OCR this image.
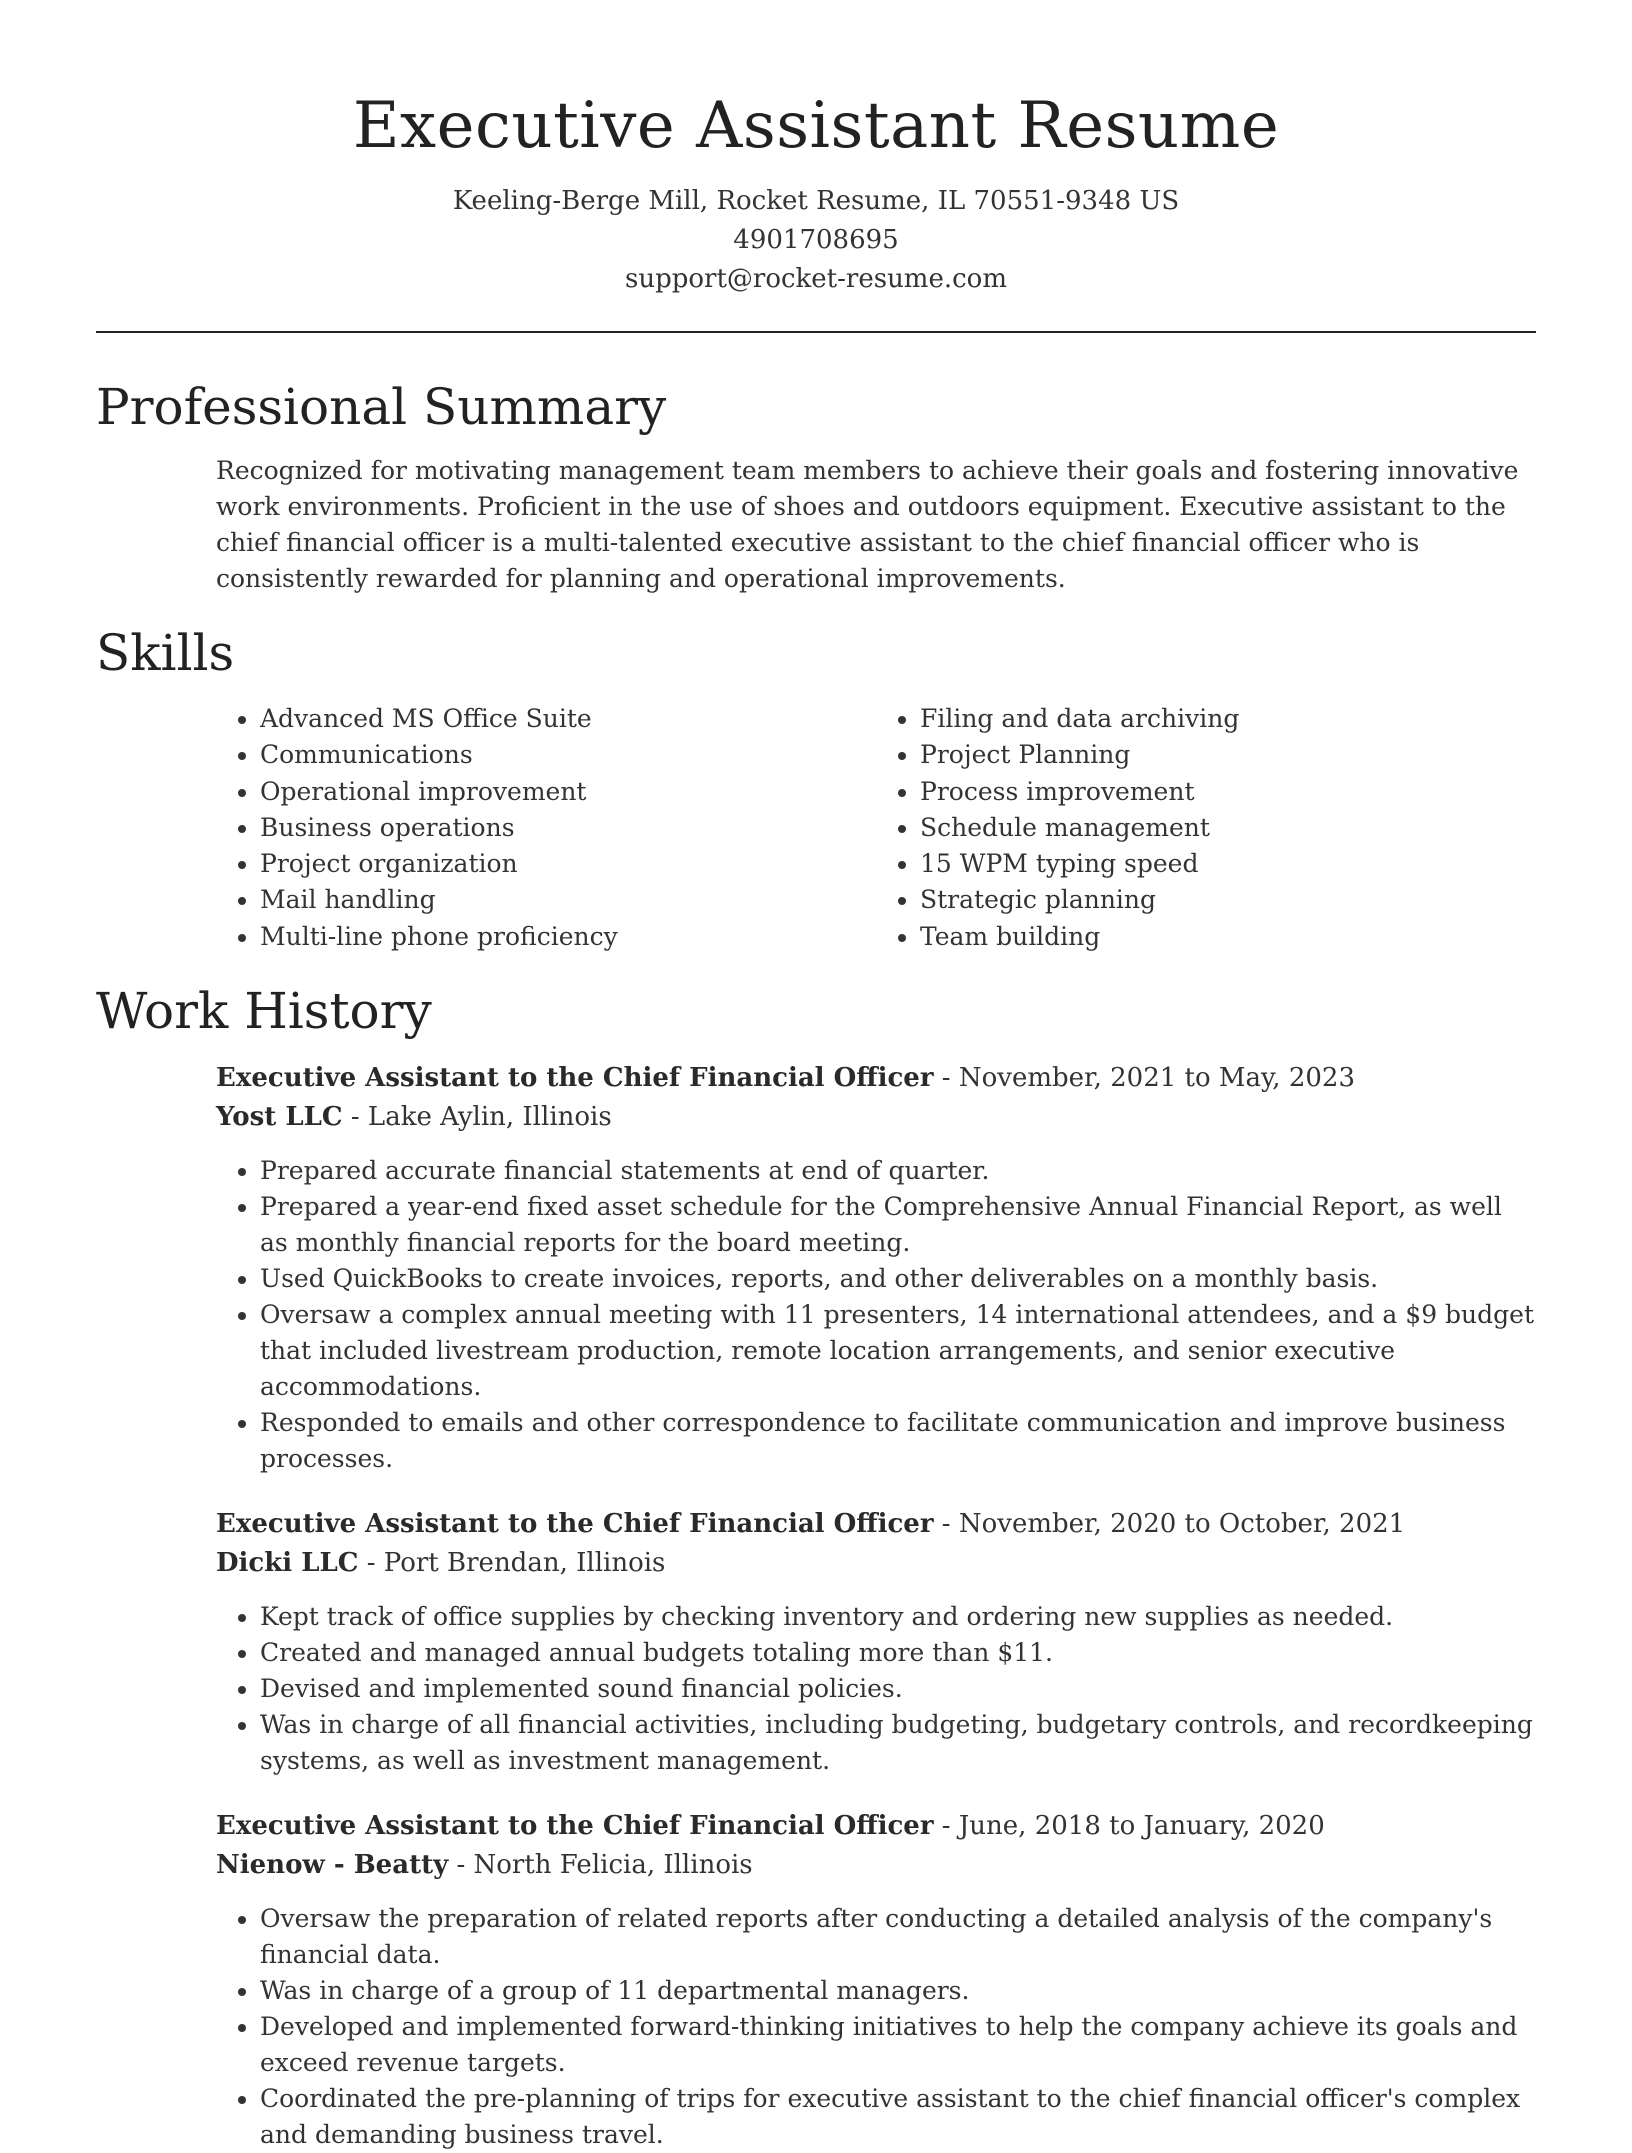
Executive Assistant Resume
Keeling-Berge Mill, Rocket Resume, IL 70551-9348 US
4901708695
support@rocket-resume.com
Professional Summary

Recognized for motivating management team members to achieve their goals and fostering innovative work environments. Proficient in the use of shoes and outdoors equipment. Executive assistant to the chief financial officer is a multi-talented executive assistant to the chief financial officer who is consistently rewarded for planning and operational improvements.

Skills
• Advanced MS Office Suite
• Communications
• Operational improvement
• Business operations
• Project organization
• Mail handling
• Multi-line phone proficiency
• Filing and data archiving
• Project Planning
• Process improvement
• Schedule management
• 15 WPM typing speed
• Strategic planning
• Team building
Work History
Executive Assistant to the Chief Financial Officer - November, 2021 to May, 2023
Yost LLC - Lake Aylin, Illinois
• Prepared accurate financial statements at end of quarter.
• Prepared a year-end fixed asset schedule for the Comprehensive Annual Financial Report, as well as monthly financial reports for the board meeting.
• Used QuickBooks to create invoices, reports, and other deliverables on a monthly basis.
• Oversaw a complex annual meeting with 11 presenters, 14 international attendees, and a $9 budget that included livestream production, remote location arrangements, and senior executive accommodations.
• Responded to emails and other correspondence to facilitate communication and improve business processes.
Executive Assistant to the Chief Financial Officer - November, 2020 to October, 2021
Dicki LLC - Port Brendan, Illinois
• Kept track of office supplies by checking inventory and ordering new supplies as needed.
• Created and managed annual budgets totaling more than $11.
• Devised and implemented sound financial policies.
• Was in charge of all financial activities, including budgeting, budgetary controls, and recordkeeping systems, as well as investment management.
Executive Assistant to the Chief Financial Officer - June, 2018 to January, 2020
Nienow - Beatty - North Felicia, Illinois
• Oversaw the preparation of related reports after conducting a detailed analysis of the company's financial data.
• Was in charge of a group of 11 departmental managers.
• Developed and implemented forward-thinking initiatives to help the company achieve its goals and exceed revenue targets.
• Coordinated the pre-planning of trips for executive assistant to the chief financial officer's complex and demanding business travel.
